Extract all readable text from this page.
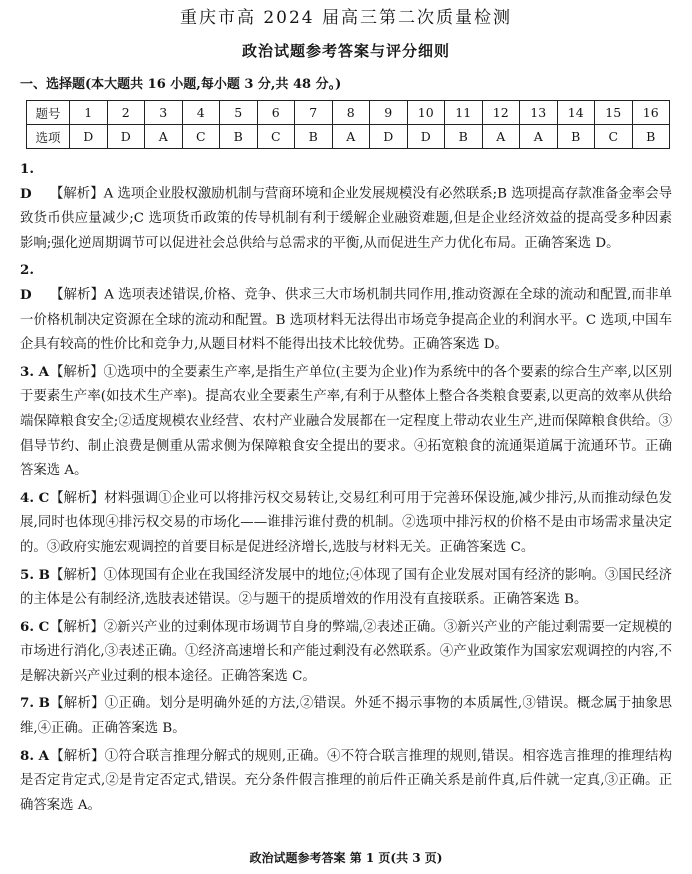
重庆市高 2024 届高三第二次质量检测

政治试题参考答案与评分细则

一、选择题(本大题共 16 小题,每小题 3 分,共 48 分。)
题号	1	2	3	4	5	6	7	8	9	10	11	12	13	14	15	16
选项	D	D	A	C	B	C	B	A	D	D	B	A	A	B	C	B

1. D 【解析】A 选项企业股权激励机制与营商环境和企业发展规模没有必然联系;B 选项提高存款准备金率会导致货币供应量减少;C 选项货币政策的传导机制有利于缓解企业融资难题,但是企业经济效益的提高受多种因素影响;强化逆周期调节可以促进社会总供给与总需求的平衡,从而促进生产力优化布局。正确答案选 D。

2. D 【解析】A 选项表述错误,价格、竞争、供求三大市场机制共同作用,推动资源在全球的流动和配置,而非单一价格机制决定资源在全球的流动和配置。B 选项材料无法得出市场竞争提高企业的利润水平。C 选项,中国车企具有较高的性价比和竞争力,从题目材料不能得出技术比较优势。正确答案选 D。

3. A【解析】①选项中的全要素生产率,是指生产单位(主要为企业)作为系统中的各个要素的综合生产率,以区别于要素生产率(如技术生产率)。提高农业全要素生产率,有利于从整体上整合各类粮食要素,以更高的效率从供给端保障粮食安全;②适度规模农业经营、农村产业融合发展都在一定程度上带动农业生产,进而保障粮食供给。③倡导节约、制止浪费是侧重从需求侧为保障粮食安全提出的要求。④拓宽粮食的流通渠道属于流通环节。正确答案选 A。

4. C【解析】材料强调①企业可以将排污权交易转让,交易红利可用于完善环保设施,减少排污,从而推动绿色发展,同时也体现④排污权交易的市场化——谁排污谁付费的机制。②选项中排污权的价格不是由市场需求量决定的。③政府实施宏观调控的首要目标是促进经济增长,选肢与材料无关。正确答案选 C。

5. B【解析】①体现国有企业在我国经济发展中的地位;④体现了国有企业发展对国有经济的影响。③国民经济的主体是公有制经济,选肢表述错误。②与题干的提质增效的作用没有直接联系。正确答案选 B。

6. C【解析】②新兴产业的过剩体现市场调节自身的弊端,②表述正确。③新兴产业的产能过剩需要一定规模的市场进行消化,③表述正确。①经济高速增长和产能过剩没有必然联系。④产业政策作为国家宏观调控的内容,不是解决新兴产业过剩的根本途径。正确答案选 C。

7. B【解析】①正确。划分是明确外延的方法,②错误。外延不揭示事物的本质属性,③错误。概念属于抽象思维,④正确。正确答案选 B。

8. A【解析】①符合联言推理分解式的规则,正确。④不符合联言推理的规则,错误。相容选言推理的推理结构是否定肯定式,②是肯定否定式,错误。充分条件假言推理的前后件正确关系是前件真,后件就一定真,③正确。正确答案选 A。

政治试题参考答案 第 1 页(共 3 页)
